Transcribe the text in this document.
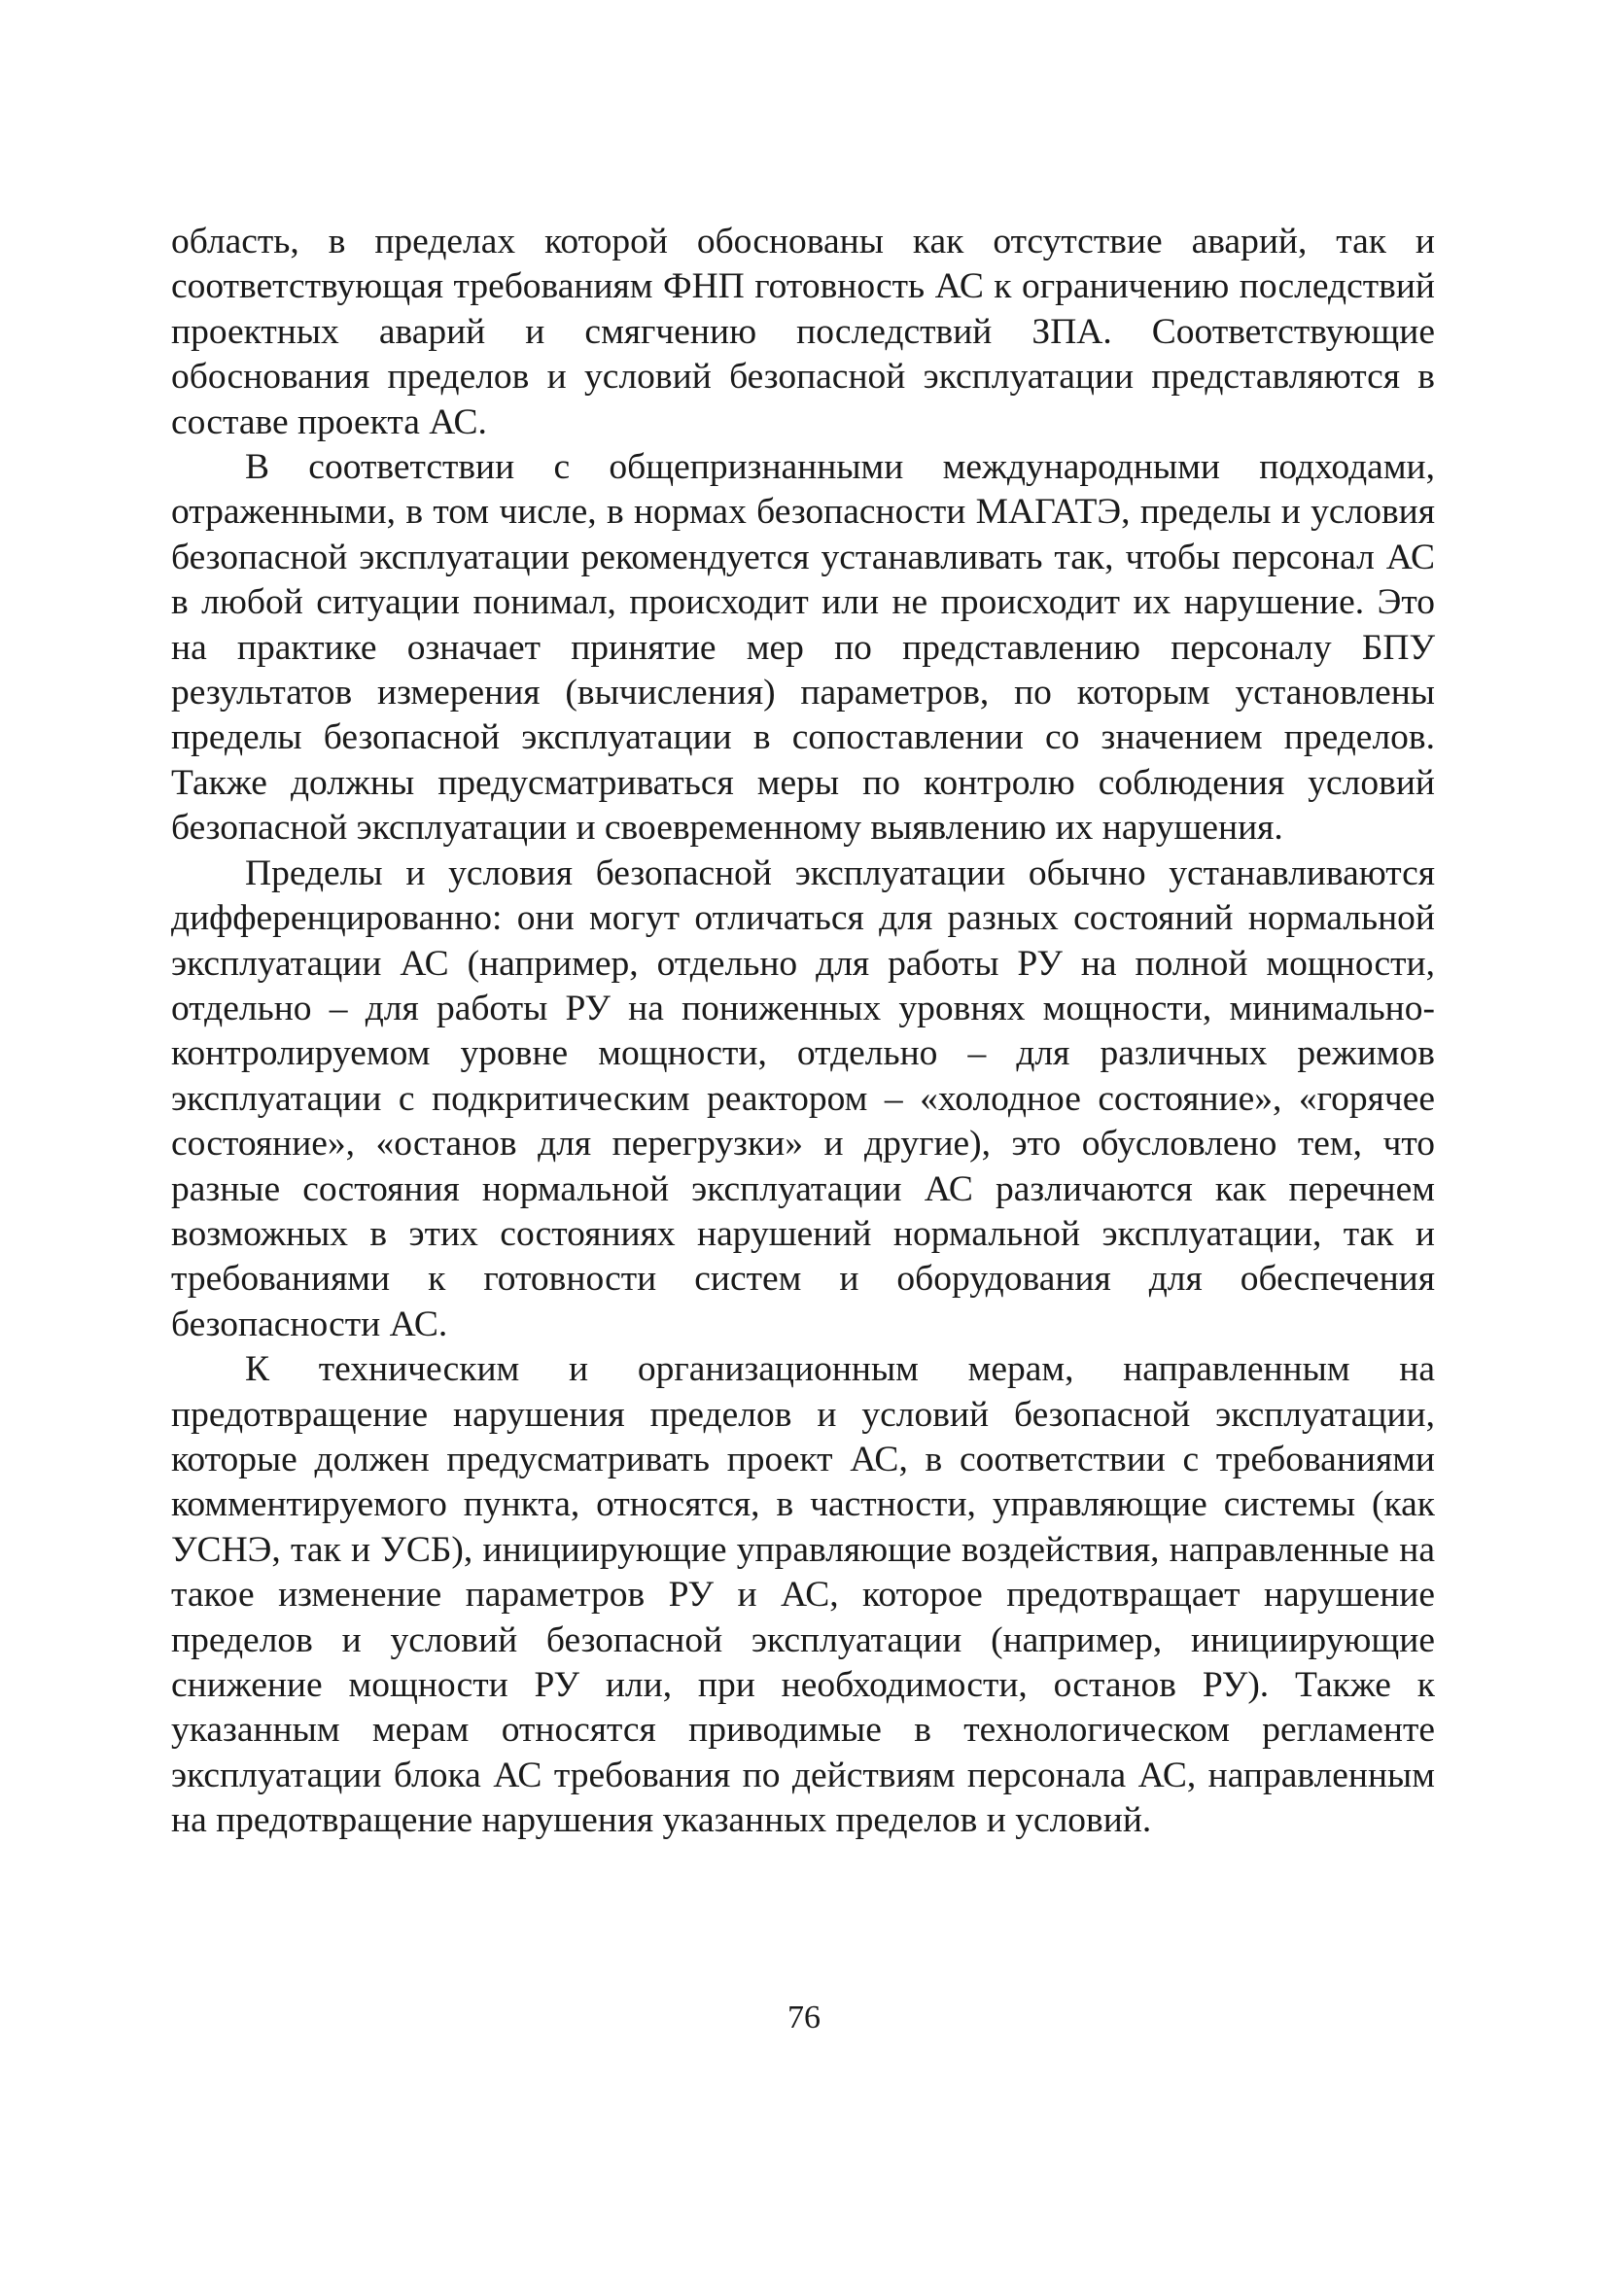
область, в пределах которой обоснованы как отсутствие аварий, так и соответствующая требованиям ФНП готовность АС к ограничению последствий проектных аварий и смягчению последствий ЗПА. Соответствующие обоснования пределов и условий безопасной эксплуатации представляются в составе проекта АС.

В соответствии с общепризнанными международными подходами, отраженными, в том числе, в нормах безопасности МАГАТЭ, пределы и условия безопасной эксплуатации рекомендуется устанавливать так, чтобы персонал АС в любой ситуации понимал, происходит или не происходит их нарушение. Это на практике означает принятие мер по представлению персоналу БПУ результатов измерения (вычисления) параметров, по которым установлены пределы безопасной эксплуатации в сопоставлении со значением пределов. Также должны предусматриваться меры по контролю соблюдения условий безопасной эксплуатации и своевременному выявлению их нарушения.

Пределы и условия безопасной эксплуатации обычно устанавливаются дифференцированно: они могут отличаться для разных состояний нормальной эксплуатации АС (например, отдельно для работы РУ на полной мощности, отдельно – для работы РУ на пониженных уровнях мощности, минимально-контролируемом уровне мощности, отдельно – для различных режимов эксплуатации с подкритическим реактором – «холодное состояние», «горячее состояние», «останов для перегрузки» и другие), это обусловлено тем, что разные состояния нормальной эксплуатации АС различаются как перечнем возможных в этих состояниях нарушений нормальной эксплуатации, так и требованиями к готовности систем и оборудования для обеспечения безопасности АС.

К техническим и организационным мерам, направленным на предотвращение нарушения пределов и условий безопасной эксплуатации, которые должен предусматривать проект АС, в соответствии с требованиями комментируемого пункта, относятся, в частности, управляющие системы (как УСНЭ, так и УСБ), инициирующие управляющие воздействия, направленные на такое изменение параметров РУ и АС, которое предотвращает нарушение пределов и условий безопасной эксплуатации (например, инициирующие снижение мощности РУ или, при необходимости, останов РУ). Также к указанным мерам относятся приводимые в технологическом регламенте эксплуатации блока АС требования по действиям персонала АС, направленным на предотвращение нарушения указанных пределов и условий.

76
